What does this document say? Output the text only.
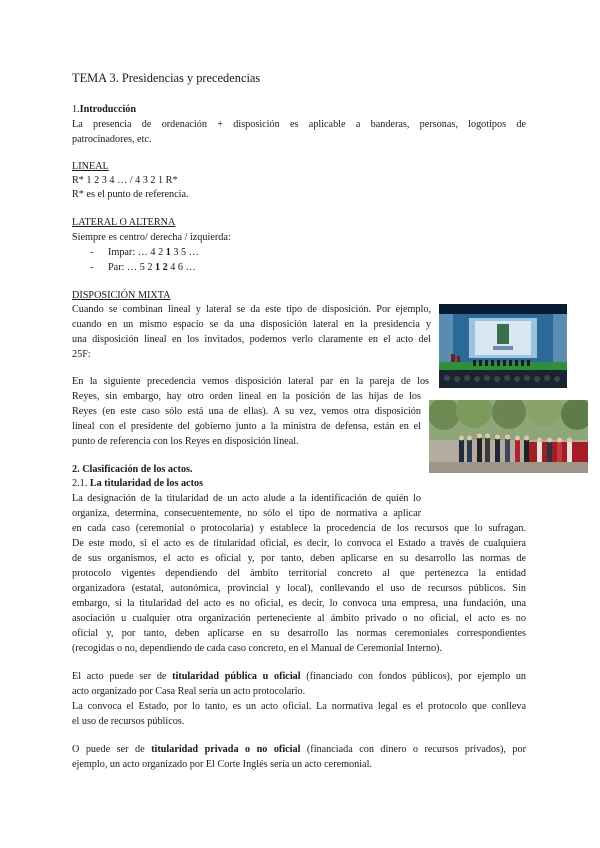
TEMA 3. Presidencias y precedencias
1.Introducción
La presencia de ordenación + disposición es aplicable a banderas, personas, logotipos de
patrocinadores, etc.
LINEAL
R* 1 2 3 4 … / 4 3 2 1 R*
R* es el punto de referencia.
LATERAL O ALTERNA
Siempre es centro/ derecha / izquierda:
- Impar: … 4 2 1 3 5 …
- Par: … 5 2 1 2 4 6 …
DISPOSICIÓN MIXTA
Cuando se combinan lineal y lateral se da este tipo de disposición. Por ejemplo,
cuando en un mismo espacio se da una disposición lateral en la presidencia y
una disposición lineal en los invitados, podemos verlo claramente en el acto del
25F:
En la siguiente precedencia vemos disposición lateral par en la pareja de los
Reyes, sin embargo, hay otro orden lineal en la posición de las hijas de los
Reyes (en este caso sólo está una de ellas). A su vez, vemos otra disposición
lineal con el presidente del gobierno junto a la ministra de defensa, están en el
punto de referencia con los Reyes en disposición lineal.
2. Clasificación de los actos.
2.1. La titularidad de los actos
La designación de la titularidad de un acto alude a la identificación de quién lo
organiza, determina, consecuentemente, no sólo el tipo de normativa a aplicar
en cada caso (ceremonial o protocolaria) y establece la procedencia de los recursos que lo sufragan.
De este modo, si el acto es de titularidad oficial, es decir, lo convoca el Estado a través de cualquiera
de sus organismos, el acto es oficial y, por tanto, deben aplicarse en su desarrollo las normas de
protocolo vigentes dependiendo del ámbito territorial concreto al que pertenezca la entidad
organizadora (estatal, autonómica, provincial y local), conllevando el uso de recursos públicos. Sin
embargo, si la titularidad del acto es no oficial, es decir, lo convoca una empresa, una fundación, una
asociación u cualquier otra organización perteneciente al ámbito privado o no oficial, el acto es no
oficial y, por tanto, deben aplicarse en su desarrollo las normas ceremoniales correspondientes
(recogidas o no, dependiendo de cada caso concreto, en el Manual de Ceremonial Interno).
El acto puede ser de titularidad pública u oficial (financiado con fondos públicos), por ejemplo un
acto organizado por Casa Real sería un acto protocolario.
La convoca el Estado, por lo tanto, es un acto oficial. La normativa legal es el protocolo que conlleva
el uso de recursos públicos.
O puede ser de titularidad privada o no oficial (financiada con dinero o recursos privados), por
ejemplo, un acto organizado por El Corte Inglés sería un acto ceremonial.
